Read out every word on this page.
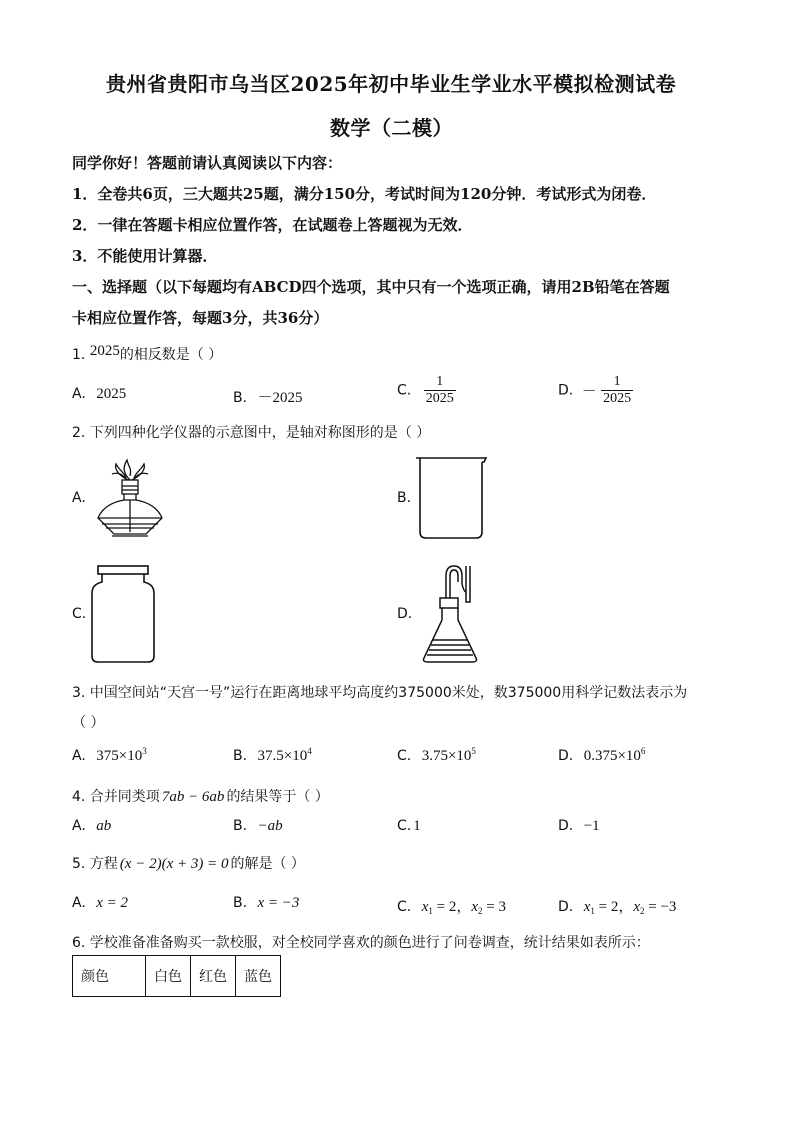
贵州省贵阳市乌当区2025年初中毕业生学业水平模拟检测试卷
数学（二模）
同学你好！答题前请认真阅读以下内容：
1．全卷共6页，三大题共25题，满分150分，考试时间为120分钟．考试形式为闭卷．
2．一律在答题卡相应位置作答，在试题卷上答题视为无效．
3．不能使用计算器．
一、选择题（以下每题均有ABCD四个选项，其中只有一个选项正确，请用2B铅笔在答题
卡相应位置作答，每题3分，共36分）
1. 2025的相反数是（ ）
A. 2025	B. －2025	C. $\frac{1}{2025}$	D. － $\frac{1}{2025}$
2. 下列四种化学仪器的示意图中，是轴对称图形的是（ ）
A.	B.
C.	D.
3. 中国空间站“天宫一号”运行在距离地球平均高度约375000米处，数375000用科学记数法表示为
（ ）
A. $375\times 10^3$	B. $37.5\times 10^4$	C. $3.75\times 10^5$	D. $0.375\times 10^6$
4. 合并同类项 7ab − 6ab 的结果等于（ ）
A. ab	B. −ab	C. 1	D. −1
5. 方程 (x − 2)(x + 3) = 0 的解是（ ）
A. x = 2	B. x = −3	C. $x_1 = 2$，$x_2 = 3$	D. $x_1 = 2$，$x_2 = -3$
6. 学校准备准备购买一款校服，对全校同学喜欢的颜色进行了问卷调查，统计结果如表所示：
颜色	白色	红色	蓝色
